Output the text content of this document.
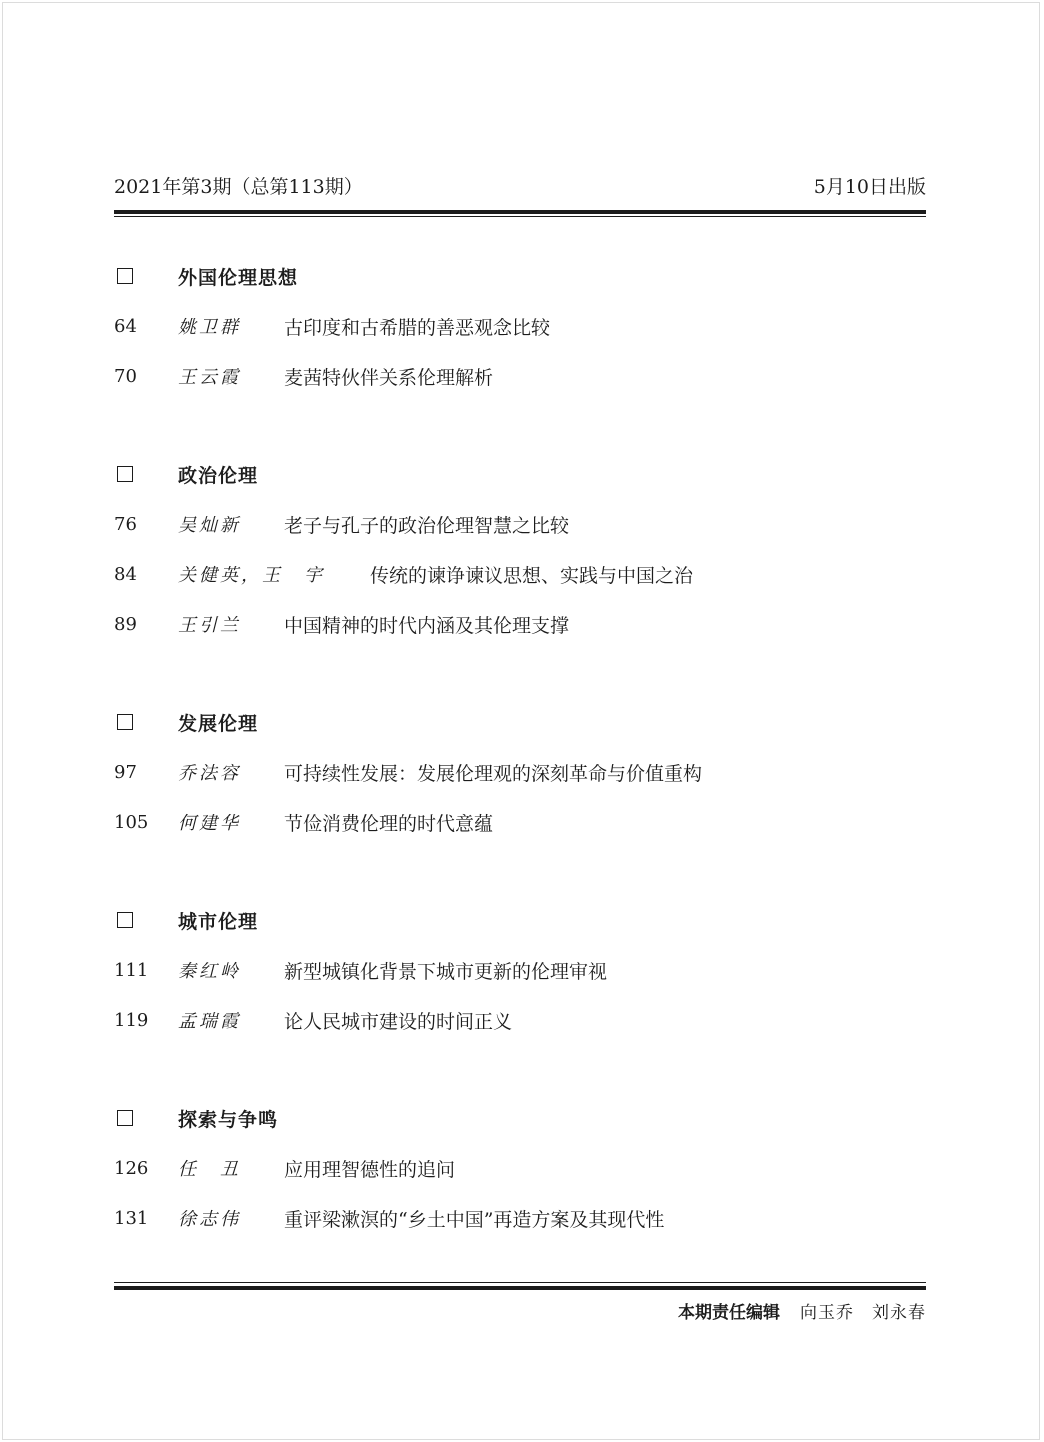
2021年第3期（总第113期）	5月10日出版
外国伦理思想
64 姚卫群 古印度和古希腊的善恶观念比较
70 王云霞 麦茜特伙伴关系伦理解析
政治伦理
76 吴灿新 老子与孔子的政治伦理智慧之比较
84 关健英，王　宇 传统的谏诤谏议思想、实践与中国之治
89 王引兰 中国精神的时代内涵及其伦理支撑
发展伦理
97 乔法容 可持续性发展：发展伦理观的深刻革命与价值重构
105 何建华 节俭消费伦理的时代意蕴
城市伦理
111 秦红岭 新型城镇化背景下城市更新的伦理审视
119 孟瑞霞 论人民城市建设的时间正义
探索与争鸣
126 任　丑 应用理智德性的追问
131 徐志伟 重评梁漱溟的“乡土中国”再造方案及其现代性
本期责任编辑 向玉乔　刘永春
